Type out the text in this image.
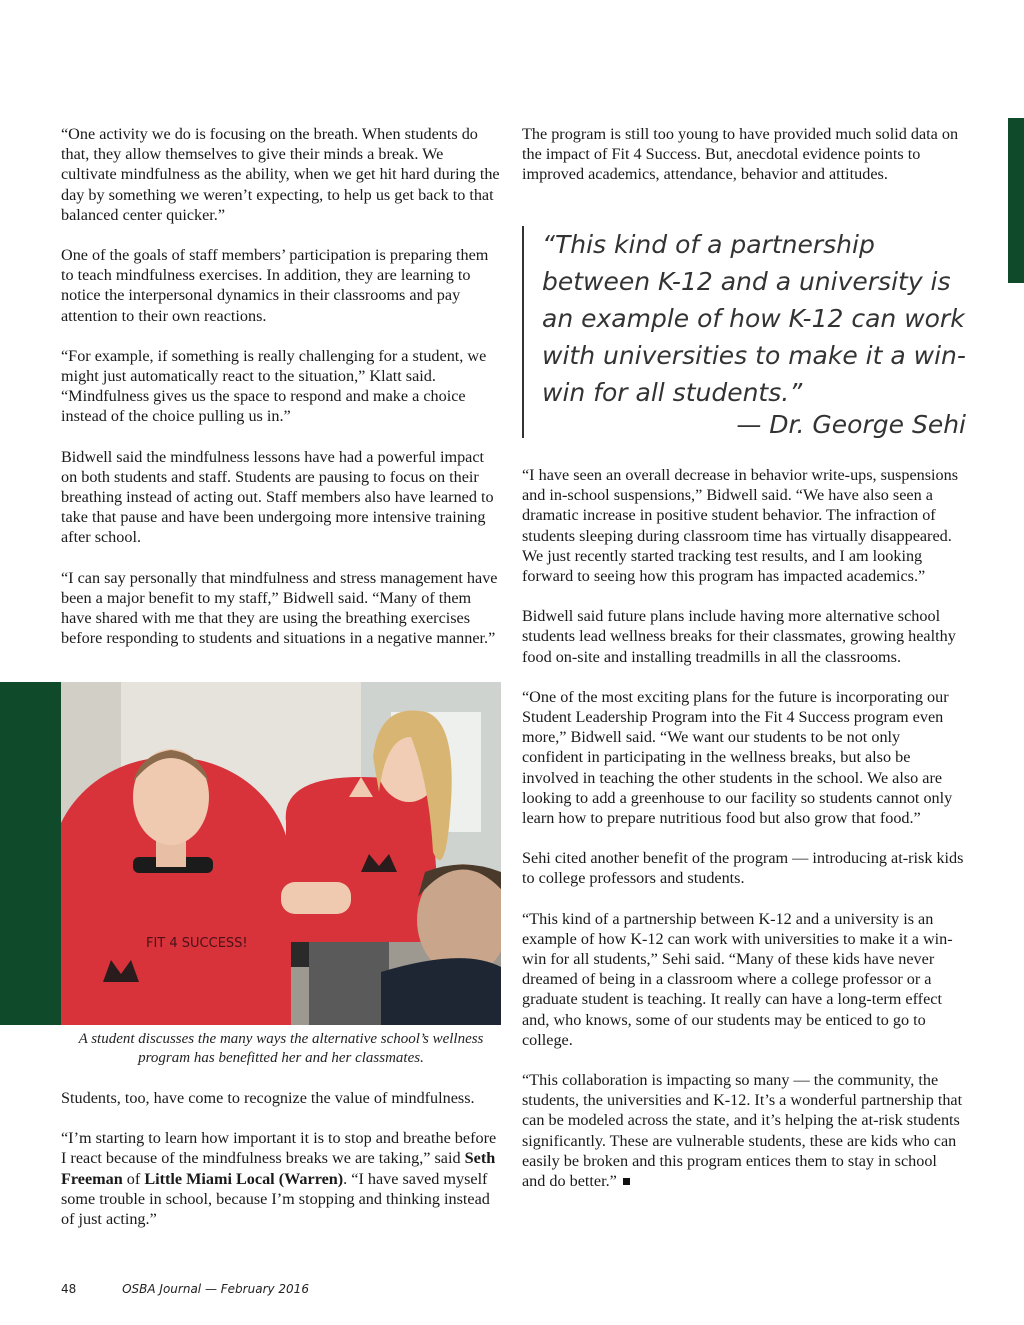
“One activity we do is focusing on the breath. When students do that, they allow themselves to give their minds a break. We cultivate mindfulness as the ability, when we get hit hard during the day by something we weren’t expecting, to help us get back to that balanced center quicker.”

One of the goals of staff members’ participation is preparing them to teach mindfulness exercises. In addition, they are learning to notice the interpersonal dynamics in their classrooms and pay attention to their own reactions.

“For example, if something is really challenging for a student, we might just automatically react to the situation,” Klatt said. “Mindfulness gives us the space to respond and make a choice instead of the choice pulling us in.”

Bidwell said the mindfulness lessons have had a powerful impact on both students and staff. Students are pausing to focus on their breathing instead of acting out. Staff members also have learned to take that pause and have been undergoing more intensive training after school.

“I can say personally that mindfulness and stress management have been a major benefit to my staff,” Bidwell said. “Many of them have shared with me that they are using the breathing exercises before responding to students and situations in a negative manner.”

FIT 4 SUCCESS!
A student discusses the many ways the alternative school’s wellness program has benefitted her and her classmates.

Students, too, have come to recognize the value of mindfulness.

“I’m starting to learn how important it is to stop and breathe before I react because of the mindfulness breaks we are taking,” said Seth Freeman of Little Miami Local (Warren). “I have saved myself some trouble in school, because I’m stopping and thinking instead of just acting.”

The program is still too young to have provided much solid data on the impact of Fit 4 Success. But, anecdotal evidence points to improved academics, attendance, behavior and attitudes.

“This kind of a partnership between K-12 and a university is an example of how K-12 can work with universities to make it a win-win for all students.”
— Dr. George Sehi

“I have seen an overall decrease in behavior write-ups, suspensions and in-school suspensions,” Bidwell said. “We have also seen a dramatic increase in positive student behavior. The infraction of students sleeping during classroom time has virtually disappeared. We just recently started tracking test results, and I am looking forward to seeing how this program has impacted academics.”

Bidwell said future plans include having more alternative school students lead wellness breaks for their classmates, growing healthy food on-site and installing treadmills in all the classrooms.

“One of the most exciting plans for the future is incorporating our Student Leadership Program into the Fit 4 Success program even more,” Bidwell said. “We want our students to be not only confident in participating in the wellness breaks, but also be involved in teaching the other students in the school. We also are looking to add a greenhouse to our facility so students cannot only learn how to prepare nutritious food but also grow that food.”

Sehi cited another benefit of the program — introducing at-risk kids to college professors and students.

“This kind of a partnership between K-12 and a university is an example of how K-12 can work with universities to make it a win-win for all students,” Sehi said. “Many of these kids have never dreamed of being in a classroom where a college professor or a graduate student is teaching. It really can have a long-term effect and, who knows, some of our students may be enticed to go to college.

“This collaboration is impacting so many — the community, the students, the universities and K-12. It’s a wonderful partnership that can be modeled across the state, and it’s helping the at-risk students significantly. These are vulnerable students, these are kids who can easily be broken and this program entices them to stay in school and do better.”

48	OSBA Journal — February 2016
